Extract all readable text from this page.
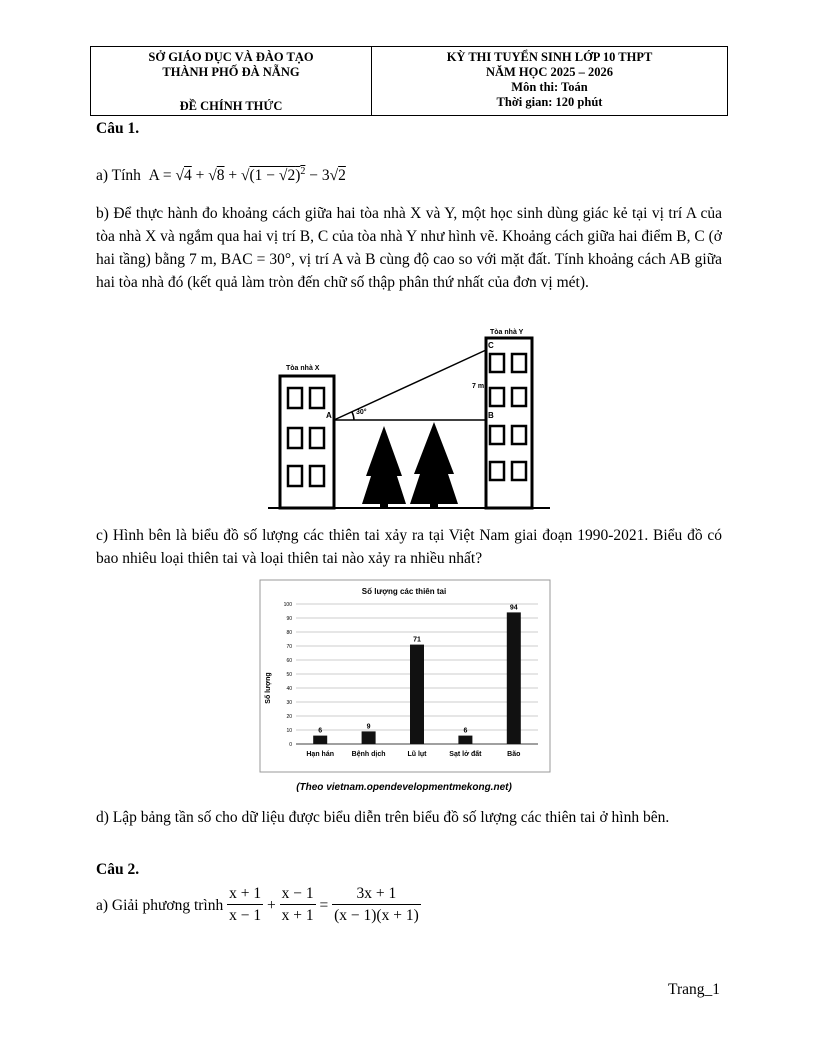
SỞ GIÁO DỤC VÀ ĐÀO TẠO
THÀNH PHỐ ĐÀ NẴNG
ĐỀ CHÍNH THỨC
KỲ THI TUYỂN SINH LỚP 10 THPT
NĂM HỌC 2025 – 2026
Môn thi: Toán
Thời gian: 120 phút
Câu 1.
a) Tính  $A = √4 + √8 + √(1 - √2)^2 - 3√2$
b) Để thực hành đo khoảng cách giữa hai tòa nhà X và Y, một học sinh dùng giác kẻ tại vị trí A của tòa nhà X và ngắm qua hai vị trí B, C của tòa nhà Y như hình vẽ. Khoảng cách giữa hai điểm B, C (ở hai tầng) bằng 7 m, BAC = 30°, vị trí A và B cùng độ cao so với mặt đất. Tính khoảng cách AB giữa hai tòa nhà đó (kết quả làm tròn đến chữ số thập phân thứ nhất của đơn vị mét).
Tòa nhà X
Tòa nhà Y
A	B
C
30°
7 m
c) Hình bên là biểu đồ số lượng các thiên tai xảy ra tại Việt Nam giai đoạn 1990-2021. Biểu đồ có bao nhiêu loại thiên tai và loại thiên tai nào xảy ra nhiều nhất?
Số lượng các thiên tai
Số lượng
0
10
20
30
40
50
60
70
80
90
100
6
Hạn hán
9
Bệnh dịch
71
Lũ lụt
6
Sạt lở đất
94
Bão
(Theo vietnam.opendevelopmentmekong.net)
d) Lập bảng tần số cho dữ liệu được biểu diễn trên biểu đồ số lượng các thiên tai ở hình bên.
Câu 2.
a) Giải phương trình $\frac{x + 1}{x - 1} + \frac{x - 1}{x + 1} = \frac{3x + 1}{(x - 1)(x + 1)}$
Trang_1
